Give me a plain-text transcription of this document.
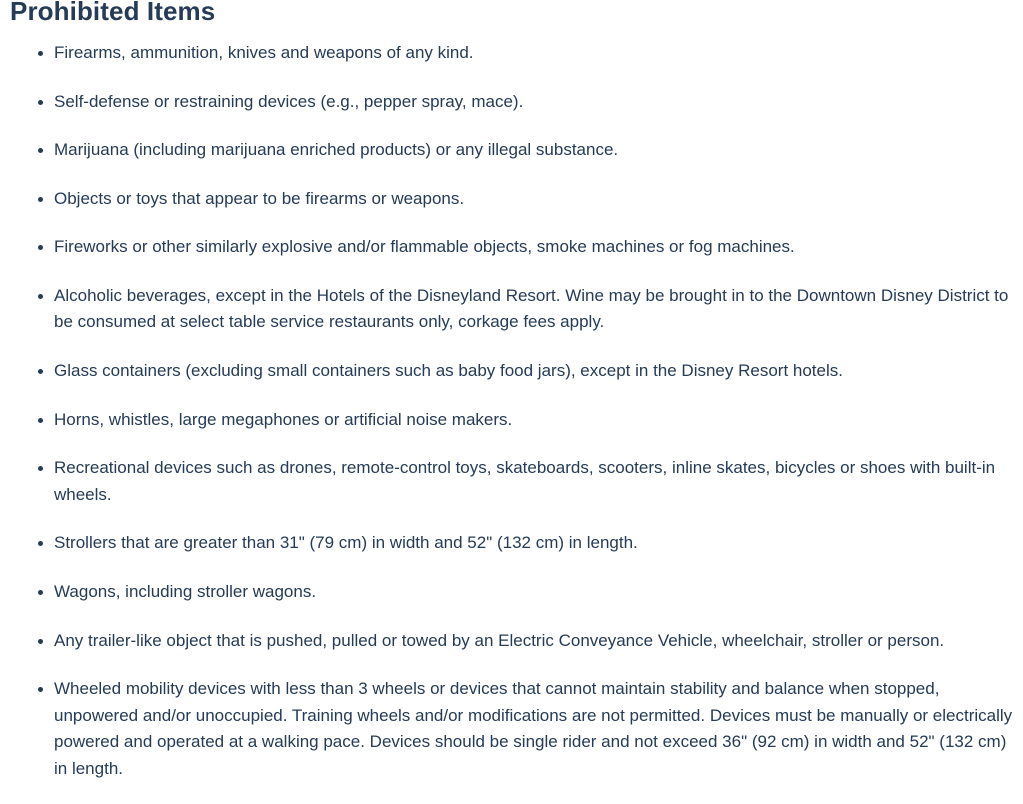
Prohibited Items
Firearms, ammunition, knives and weapons of any kind.
Self-defense or restraining devices (e.g., pepper spray, mace).
Marijuana (including marijuana enriched products) or any illegal substance.
Objects or toys that appear to be firearms or weapons.
Fireworks or other similarly explosive and/or flammable objects, smoke machines or fog machines.
Alcoholic beverages, except in the Hotels of the Disneyland Resort. Wine may be brought in to the Downtown Disney District to be consumed at select table service restaurants only, corkage fees apply.
Glass containers (excluding small containers such as baby food jars), except in the Disney Resort hotels.
Horns, whistles, large megaphones or artificial noise makers.
Recreational devices such as drones, remote-control toys, skateboards, scooters, inline skates, bicycles or shoes with built-in wheels.
Strollers that are greater than 31" (79 cm) in width and 52" (132 cm) in length.
Wagons, including stroller wagons.
Any trailer-like object that is pushed, pulled or towed by an Electric Conveyance Vehicle, wheelchair, stroller or person.
Wheeled mobility devices with less than 3 wheels or devices that cannot maintain stability and balance when stopped, unpowered and/or unoccupied. Training wheels and/or modifications are not permitted. Devices must be manually or electrically powered and operated at a walking pace. Devices should be single rider and not exceed 36" (92 cm) in width and 52" (132 cm) in length.
